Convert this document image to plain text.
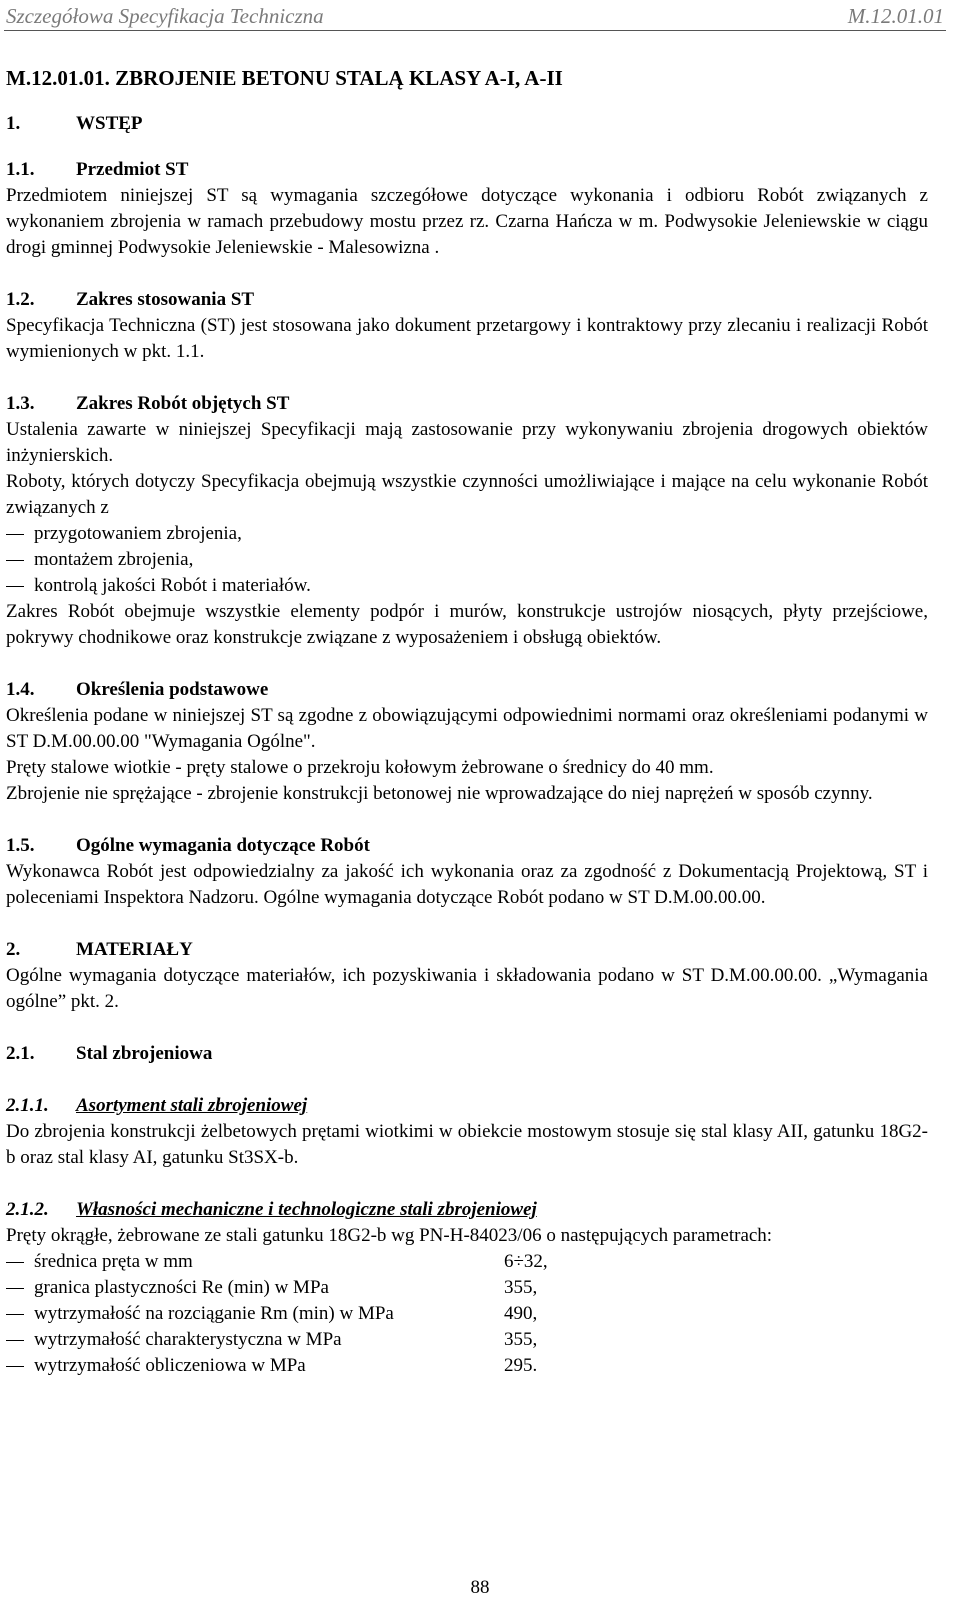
Szczegółowa Specyfikacja Techniczna	M.12.01.01
M.12.01.01. ZBROJENIE BETONU STALĄ KLASY A-I, A-II
1.	WSTĘP
1.1. Przedmiot ST

Przedmiotem niniejszej ST są wymagania szczegółowe dotyczące wykonania i odbioru Robót związanych z wykonaniem zbrojenia w ramach przebudowy mostu przez rz. Czarna Hańcza w m. Podwysokie Jeleniewskie w ciągu drogi gminnej Podwysokie Jeleniewskie - Malesowizna .

1.2. Zakres stosowania ST

Specyfikacja Techniczna (ST) jest stosowana jako dokument przetargowy i kontraktowy przy zlecaniu i realizacji Robót wymienionych w pkt. 1.1.

1.3. Zakres Robót objętych ST

Ustalenia zawarte w niniejszej Specyfikacji mają zastosowanie przy wykonywaniu zbrojenia drogowych obiektów inżynierskich.

Roboty, których dotyczy Specyfikacja obejmują wszystkie czynności umożliwiające i mające na celu wykonanie Robót związanych z

przygotowaniem zbrojenia,
montażem zbrojenia,
kontrolą jakości Robót i materiałów.

Zakres Robót obejmuje wszystkie elementy podpór i murów, konstrukcje ustrojów niosących, płyty przejściowe, pokrywy chodnikowe oraz konstrukcje związane z wyposażeniem i obsługą obiektów.

1.4. Określenia podstawowe

Określenia podane w niniejszej ST są zgodne z obowiązującymi odpowiednimi normami oraz określeniami podanymi w ST D.M.00.00.00 "Wymagania Ogólne".

Pręty stalowe wiotkie - pręty stalowe o przekroju kołowym żebrowane o średnicy do 40 mm.

Zbrojenie nie sprężające - zbrojenie konstrukcji betonowej nie wprowadzające do niej naprężeń w sposób czynny.

1.5. Ogólne wymagania dotyczące Robót

Wykonawca Robót jest odpowiedzialny za jakość ich wykonania oraz za zgodność z Dokumentacją Projektową, ST i poleceniami Inspektora Nadzoru. Ogólne wymagania dotyczące Robót podano w ST D.M.00.00.00.

2.	MATERIAŁY

Ogólne wymagania dotyczące materiałów, ich pozyskiwania i składowania podano w ST D.M.00.00.00. „Wymagania ogólne” pkt. 2.

2.1. Stal zbrojeniowa
2.1.1. Asortyment stali zbrojeniowej

Do zbrojenia konstrukcji żelbetowych prętami wiotkimi w obiekcie mostowym stosuje się stal klasy AII, gatunku 18G2-b oraz stal klasy AI, gatunku St3SX-b.

2.1.2. Własności mechaniczne i technologiczne stali zbrojeniowej

Pręty okrągłe, żebrowane ze stali gatunku 18G2-b wg PN-H-84023/06 o następujących parametrach:

średnica pręta w mm	6÷32,
granica plastyczności Re (min) w MPa	355,
wytrzymałość na rozciąganie Rm (min) w MPa	490,
wytrzymałość charakterystyczna w MPa	355,
wytrzymałość obliczeniowa w MPa	295.
88
